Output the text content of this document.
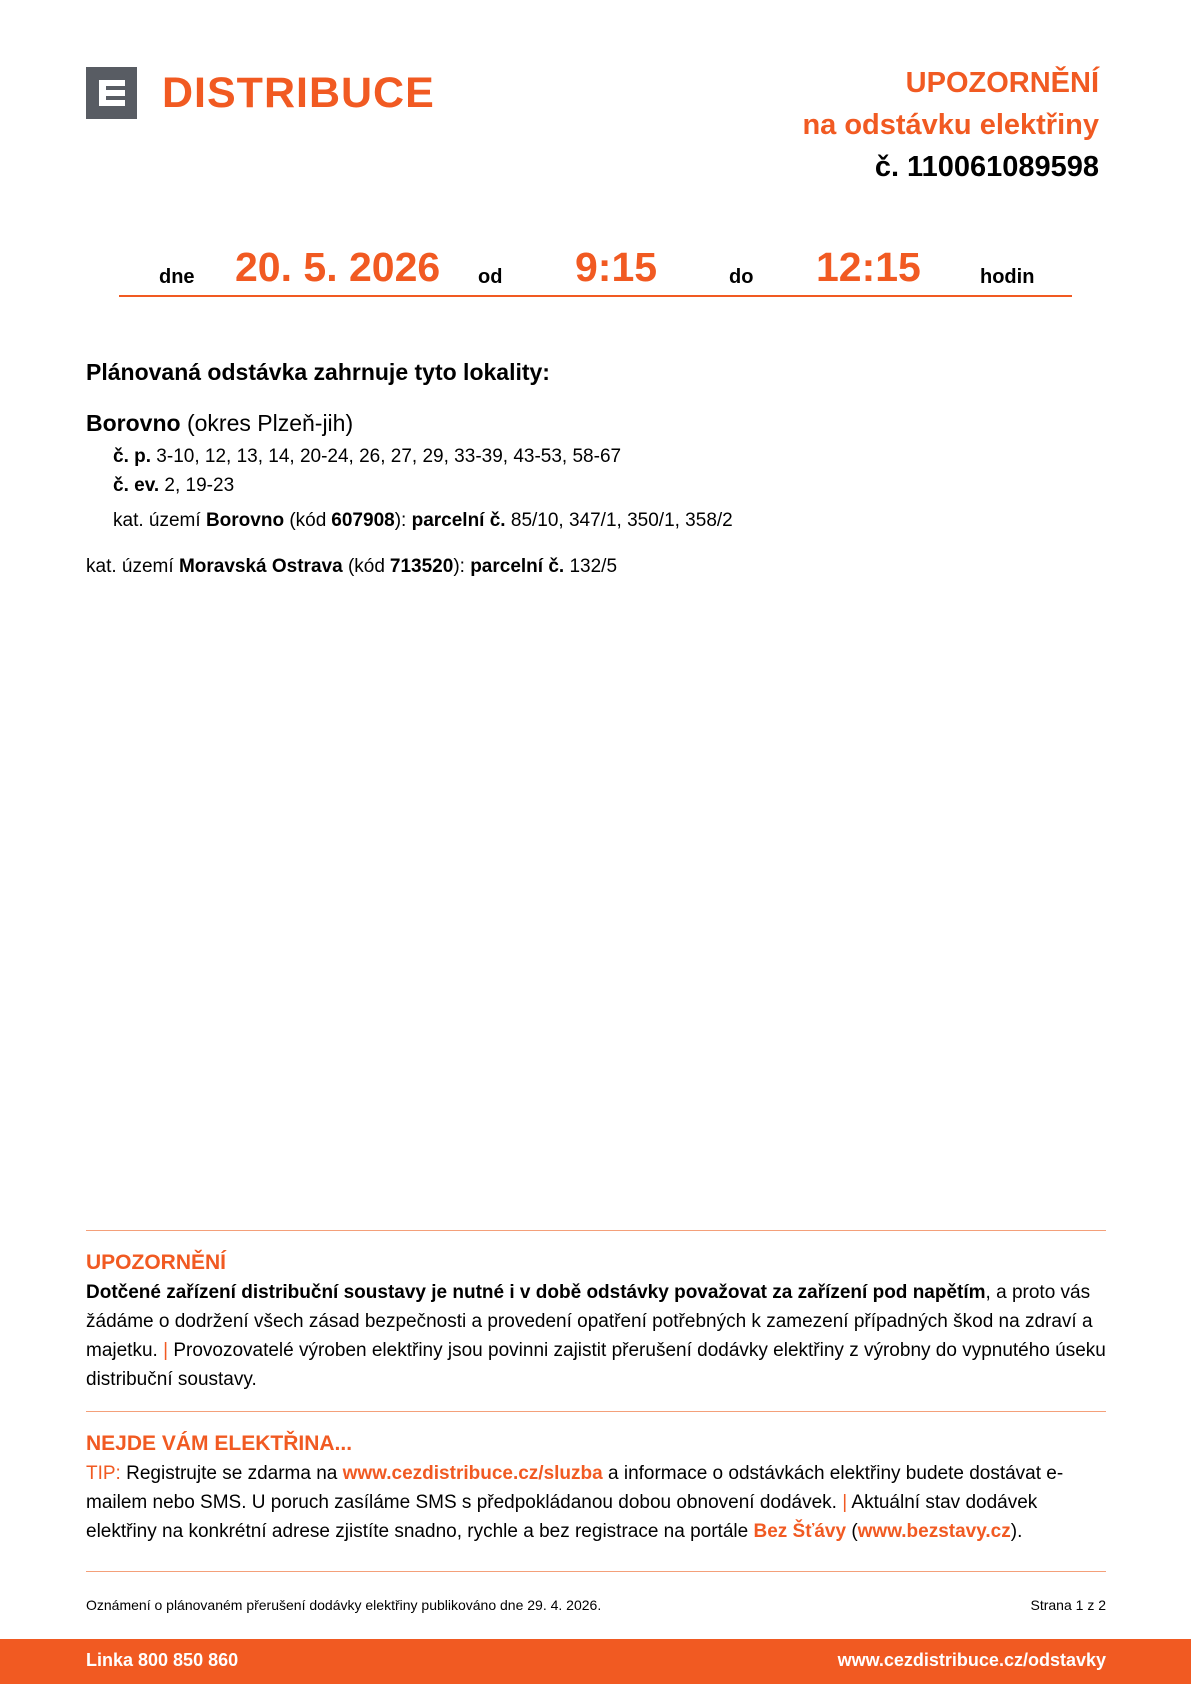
DISTRIBUCE	UPOZORNĚNÍ
na odstávku elektřiny
č. 110061089598
dne 20. 5. 2026 od 9:15	do 12:15	hodin
Plánovaná odstávka zahrnuje tyto lokality:
Borovno (okres Plzeň-jih)
č. p. 3-10, 12, 13, 14, 20-24, 26, 27, 29, 33-39, 43-53, 58-67
č. ev. 2, 19-23
kat. území Borovno (kód 607908): parcelní č. 85/10, 347/1, 350/1, 358/2
kat. území Moravská Ostrava (kód 713520): parcelní č. 132/5
UPOZORNĚNÍ
Dotčené zařízení distribuční soustavy je nutné i v době odstávky považovat za zařízení pod napětím, a proto vás žádáme o dodržení všech zásad bezpečnosti a provedení opatření potřebných k zamezení případných škod na zdraví a majetku. | Provozovatelé výroben elektřiny jsou povinni zajistit přerušení dodávky elektřiny z výrobny do vypnutého úseku distribuční soustavy.
NEJDE VÁM ELEKTŘINA...
TIP: Registrujte se zdarma na www.cezdistribuce.cz/sluzba a informace o odstávkách elektřiny budete dostávat e-mailem nebo SMS. U poruch zasíláme SMS s předpokládanou dobou obnovení dodávek. | Aktuální stav dodávek elektřiny na konkrétní adrese zjistíte snadno, rychle a bez registrace na portále Bez Šťávy (www.bezstavy.cz).
Oznámení o plánovaném přerušení dodávky elektřiny publikováno dne 29. 4. 2026.	Strana 1 z 2
Linka 800 850 860	www.cezdistribuce.cz/odstavky
